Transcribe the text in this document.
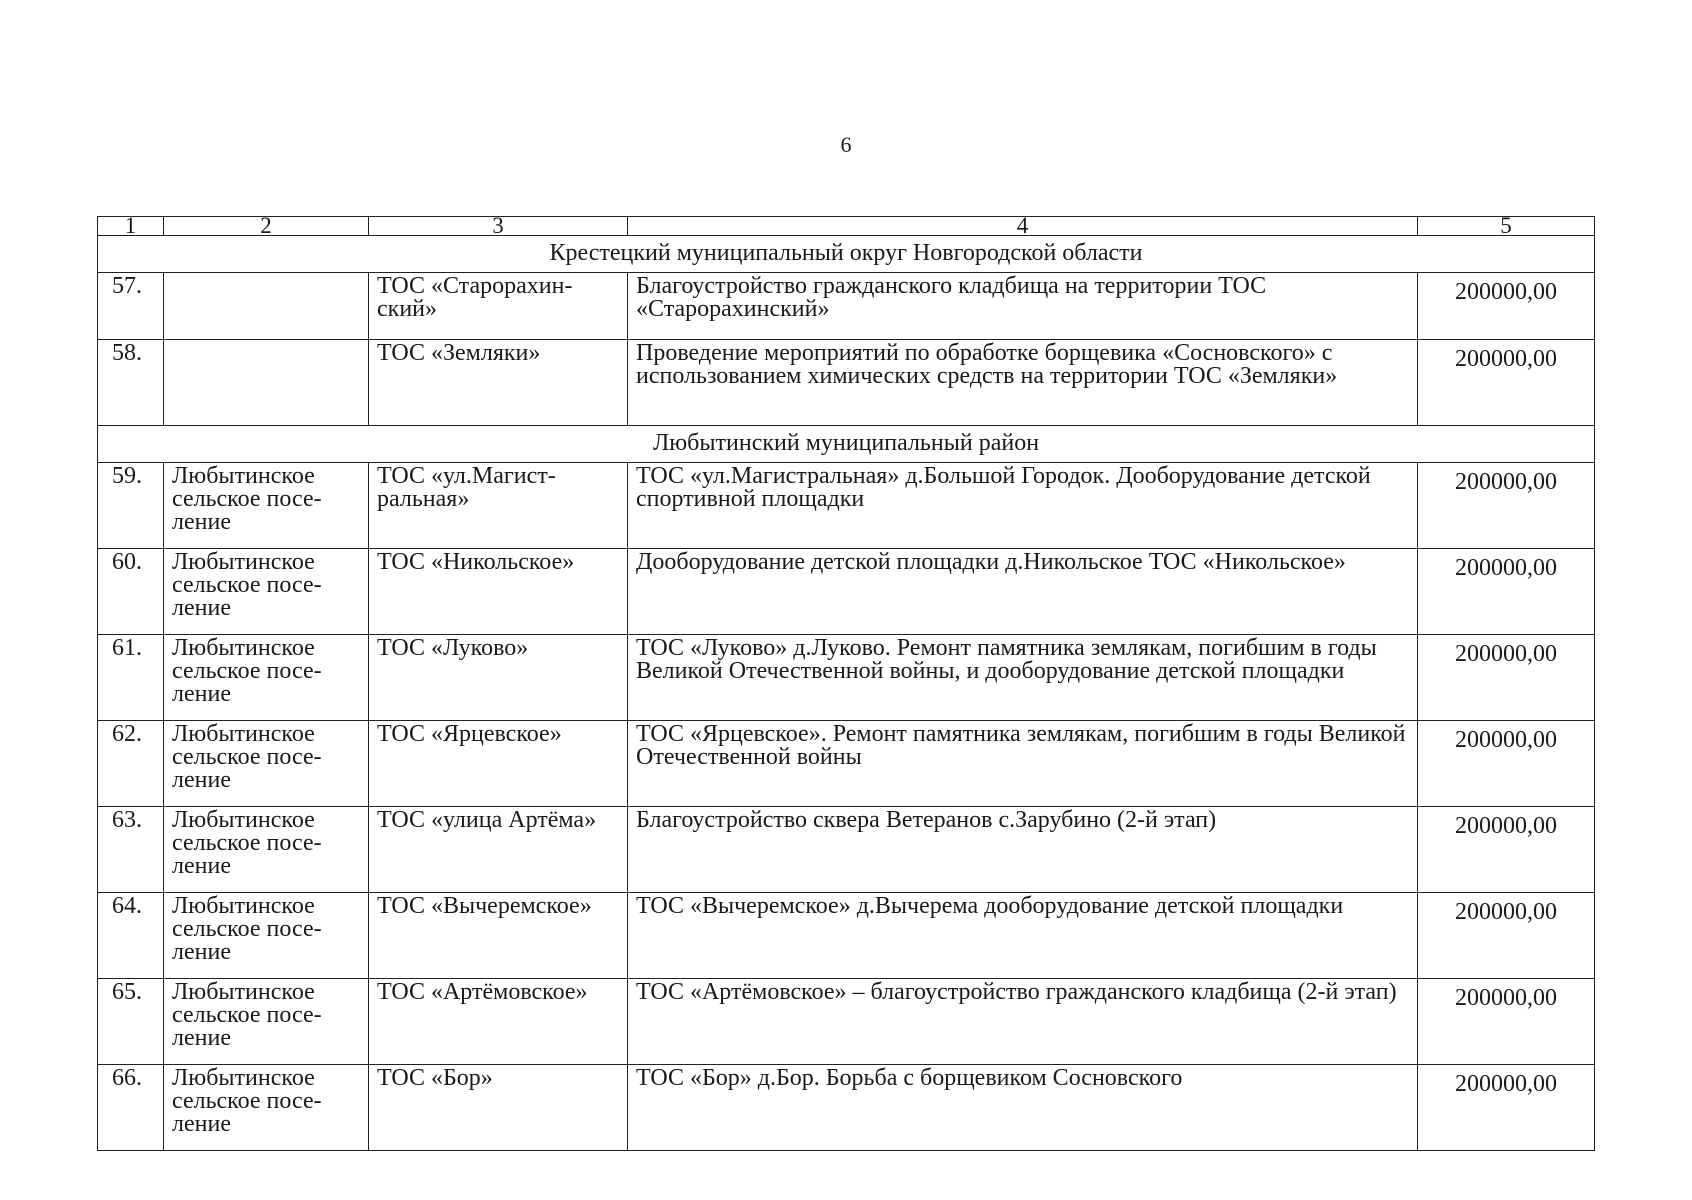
6
1	2	3	4	5
Крестецкий муниципальный округ Новгородской области				
57.		ТОС «Старорахин-ский»	Благоустройство гражданского кладбища на территории ТОС «Старорахинский»	200000,00
58.		ТОС «Земляки»	Проведение мероприятий по обработке борщевика «Сосновского» с использованием химических средств на территории ТОС «Земляки»	200000,00
Любытинский муниципальный район				
59.	Любытинское сельское посе-ление	ТОС «ул.Магист-ральная»	ТОС «ул.Магистральная» д.Большой Городок. Дооборудование детской спортивной площадки	200000,00
60.	Любытинское сельское посе-ление	ТОС «Никольское»	Дооборудование детской площадки д.Никольское ТОС «Никольское»	200000,00
61.	Любытинское сельское посе-ление	ТОС «Луково»	ТОС «Луково» д.Луково. Ремонт памятника землякам, погибшим в годы Великой Отечественной войны, и дооборудование детской площадки	200000,00
62.	Любытинское сельское посе-ление	ТОС «Ярцевское»	ТОС «Ярцевское». Ремонт памятника землякам, погибшим в годы Великой Отечественной войны	200000,00
63.	Любытинское сельское посе-ление	ТОС «улица Артёма»	Благоустройство сквера Ветеранов с.Зарубино (2-й этап)	200000,00
64.	Любытинское сельское посе-ление	ТОС «Вычеремское»	ТОС «Вычеремское» д.Вычерема дооборудование детской площадки	200000,00
65.	Любытинское сельское посе-ление	ТОС «Артёмовское»	ТОС «Артёмовское» – благоустройство гражданского кладбища (2-й этап)	200000,00
66.	Любытинское сельское посе-ление	ТОС «Бор»	ТОС «Бор» д.Бор. Борьба с борщевиком Сосновского	200000,00
